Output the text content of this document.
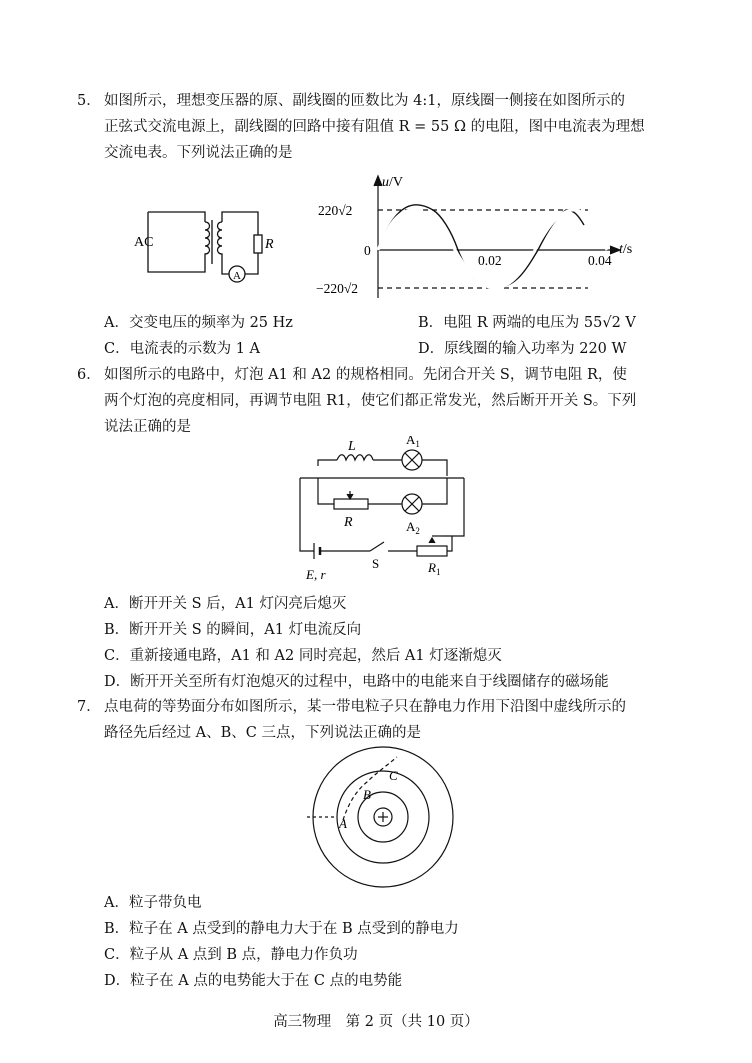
5． 如图所示，理想变压器的原、副线圈的匝数比为 4:1，原线圈一侧接在如图所示的
正弦式交流电源上，副线圈的回路中接有阻值 R = 55 Ω 的电阻，图中电流表为理想
交流电表。下列说法正确的是
AC	R
A
u/V
220√2
0
−220√2
0.02	0.04
t/s
A．交变电压的频率为 25 Hz	B．电阻 R 两端的电压为 55√2 V
C．电流表的示数为 1 A	D．原线圈的输入功率为 220 W
6． 如图所示的电路中，灯泡 A1 和 A2 的规格相同。先闭合开关 S，调节电阻 R，使
两个灯泡的亮度相同，再调节电阻 R1，使它们都正常发光，然后断开开关 S。下列
说法正确的是
L	$A_1$
R	$A_2$
E, r
S	$R_1$
A．断开开关 S 后，A1 灯闪亮后熄灭
B．断开开关 S 的瞬间，A1 灯电流反向
C．重新接通电路，A1 和 A2 同时亮起，然后 A1 灯逐渐熄灭
D．断开开关至所有灯泡熄灭的过程中，电路中的电能来自于线圈储存的磁场能
7． 点电荷的等势面分布如图所示，某一带电粒子只在静电力作用下沿图中虚线所示的
路径先后经过 A、B、C 三点，下列说法正确的是
A
B
C
A．粒子带负电
B．粒子在 A 点受到的静电力大于在 B 点受到的静电力
C．粒子从 A 点到 B 点，静电力作负功
D．粒子在 A 点的电势能大于在 C 点的电势能
高三物理　第 2 页（共 10 页）
